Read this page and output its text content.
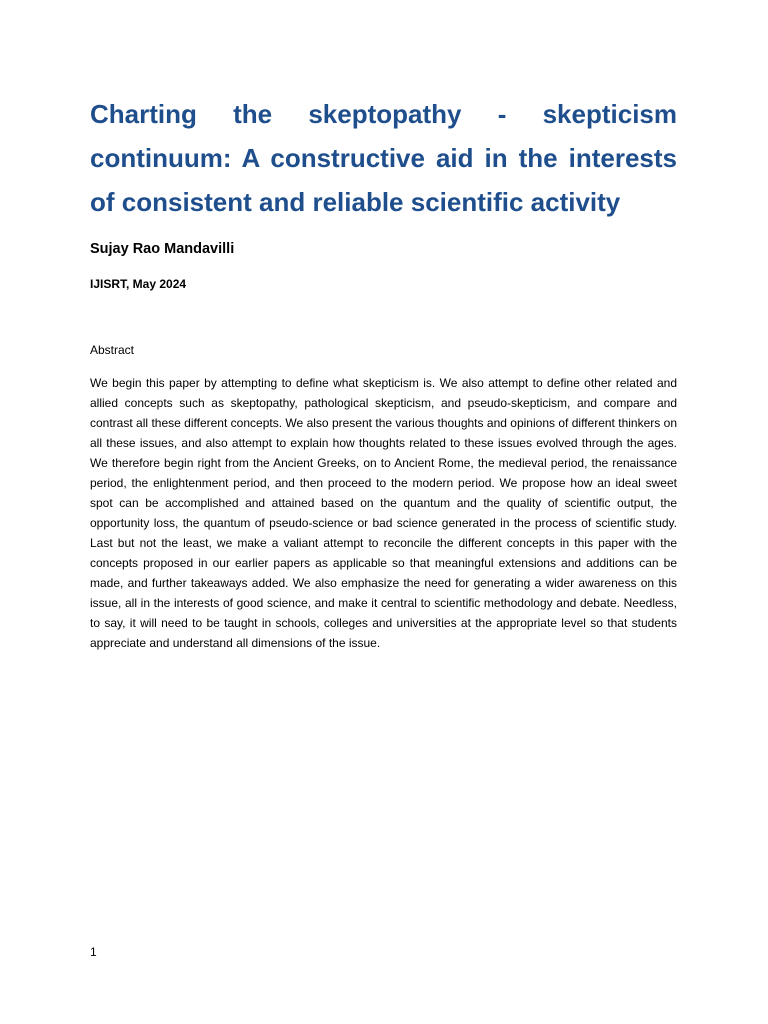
Charting the skeptopathy - skepticism continuum: A constructive aid in the interests of consistent and reliable scientific activity
Sujay Rao Mandavilli
IJISRT, May 2024
Abstract

We begin this paper by attempting to define what skepticism is. We also attempt to define other related and allied concepts such as skeptopathy, pathological skepticism, and pseudo-skepticism, and compare and contrast all these different concepts. We also present the various thoughts and opinions of different thinkers on all these issues, and also attempt to explain how thoughts related to these issues evolved through the ages. We therefore begin right from the Ancient Greeks, on to Ancient Rome, the medieval period, the renaissance period, the enlightenment period, and then proceed to the modern period. We propose how an ideal sweet spot can be accomplished and attained based on the quantum and the quality of scientific output, the opportunity loss, the quantum of pseudo-science or bad science generated in the process of scientific study. Last but not the least, we make a valiant attempt to reconcile the different concepts in this paper with the concepts proposed in our earlier papers as applicable so that meaningful extensions and additions can be made, and further takeaways added. We also emphasize the need for generating a wider awareness on this issue, all in the interests of good science, and make it central to scientific methodology and debate. Needless, to say, it will need to be taught in schools, colleges and universities at the appropriate level so that students appreciate and understand all dimensions of the issue.

1
